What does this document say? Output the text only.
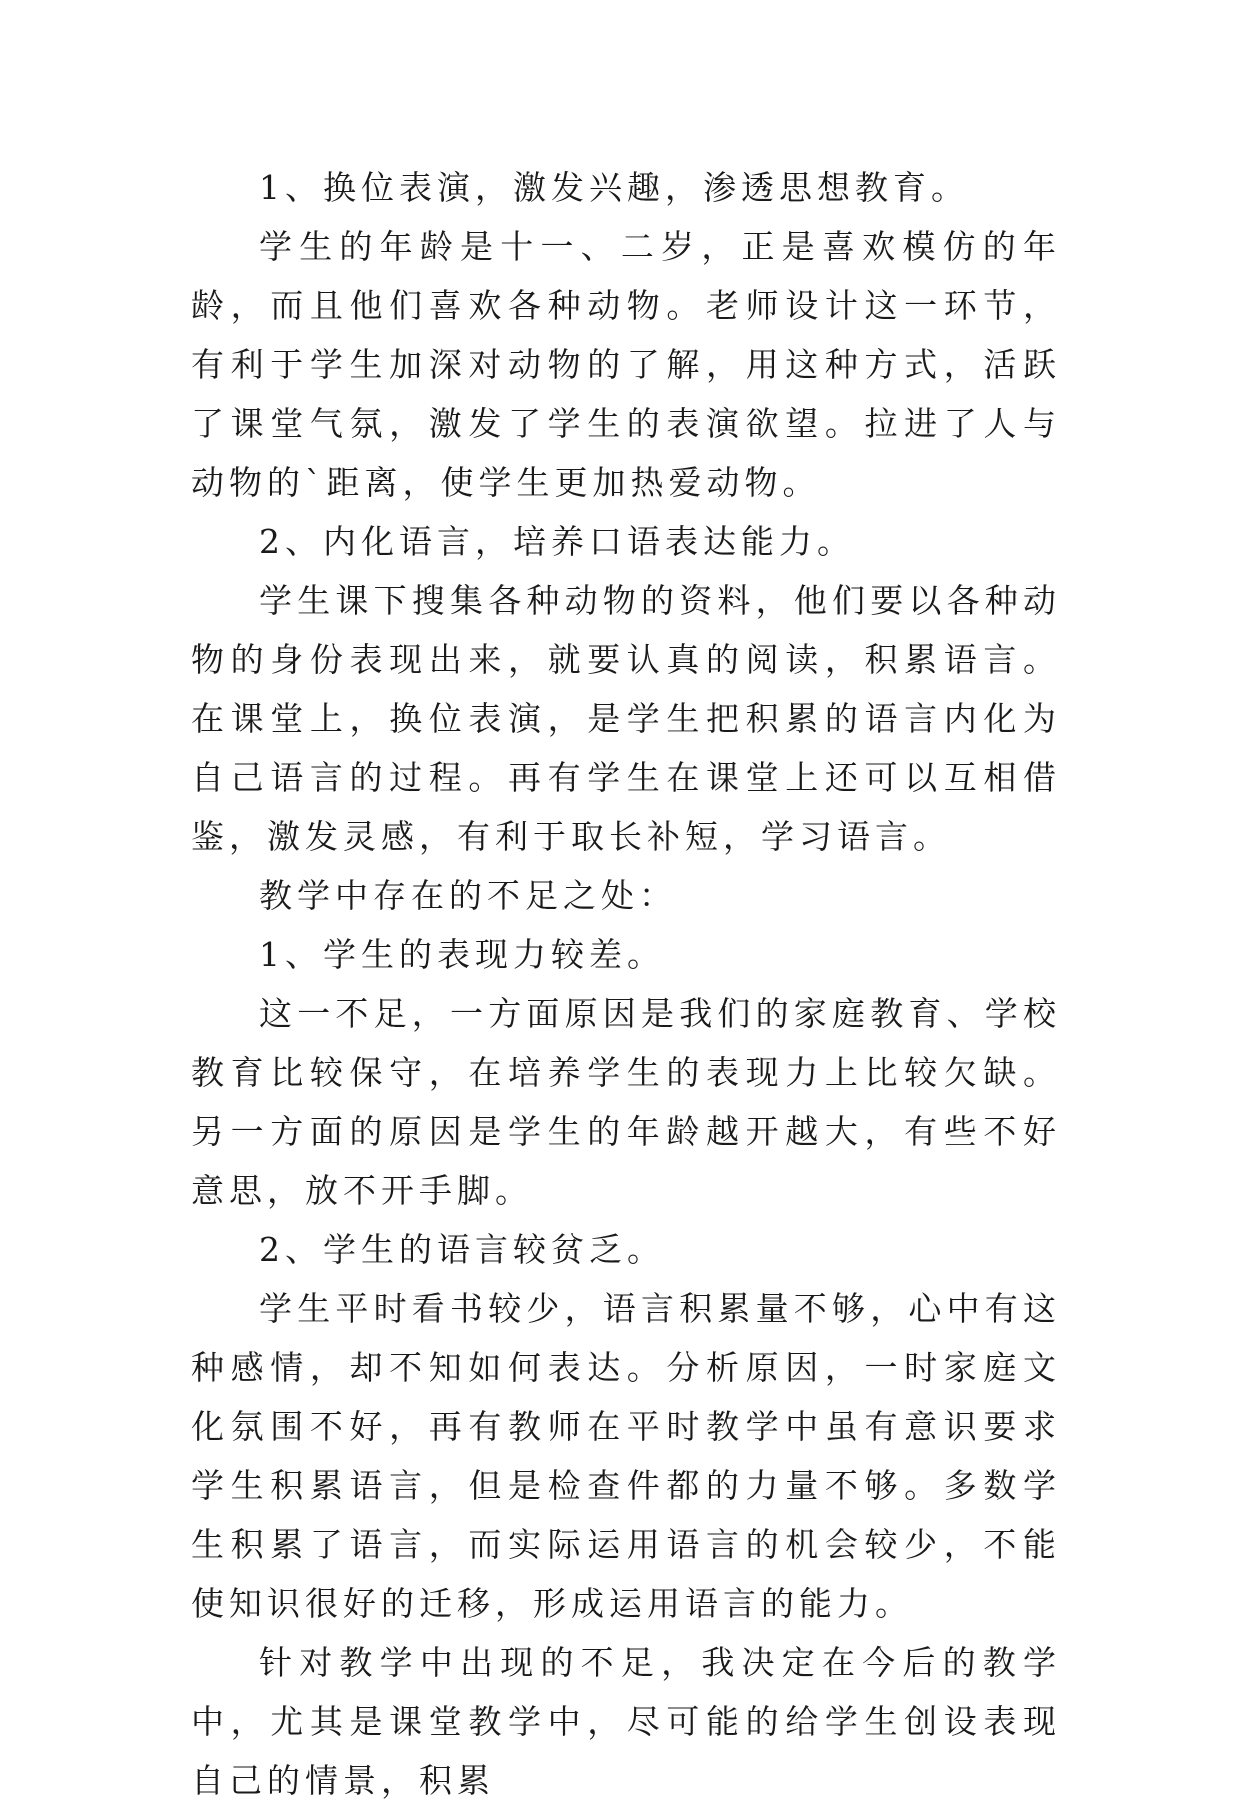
1、换位表演，激发兴趣，渗透思想教育。

学生的年龄是十一、二岁，正是喜欢模仿的年龄，而且他们喜欢各种动物。老师设计这一环节，有利于学生加深对动物的了解，用这种方式，活跃了课堂气氛，激发了学生的表演欲望。拉进了人与动物的`距离，使学生更加热爱动物。

2、内化语言，培养口语表达能力。

学生课下搜集各种动物的资料，他们要以各种动物的身份表现出来，就要认真的阅读，积累语言。在课堂上，换位表演，是学生把积累的语言内化为自己语言的过程。再有学生在课堂上还可以互相借鉴，激发灵感，有利于取长补短，学习语言。

教学中存在的不足之处：

1、学生的表现力较差。

这一不足，一方面原因是我们的家庭教育、学校教育比较保守，在培养学生的表现力上比较欠缺。另一方面的原因是学生的年龄越开越大，有些不好意思，放不开手脚。

2、学生的语言较贫乏。

学生平时看书较少，语言积累量不够，心中有这种感情，却不知如何表达。分析原因，一时家庭文化氛围不好，再有教师在平时教学中虽有意识要求学生积累语言，但是检查件都的力量不够。多数学生积累了语言，而实际运用语言的机会较少，不能使知识很好的迁移，形成运用语言的能力。

针对教学中出现的不足，我决定在今后的教学中，尤其是课堂教学中，尽可能的给学生创设表现自己的情景，积累
